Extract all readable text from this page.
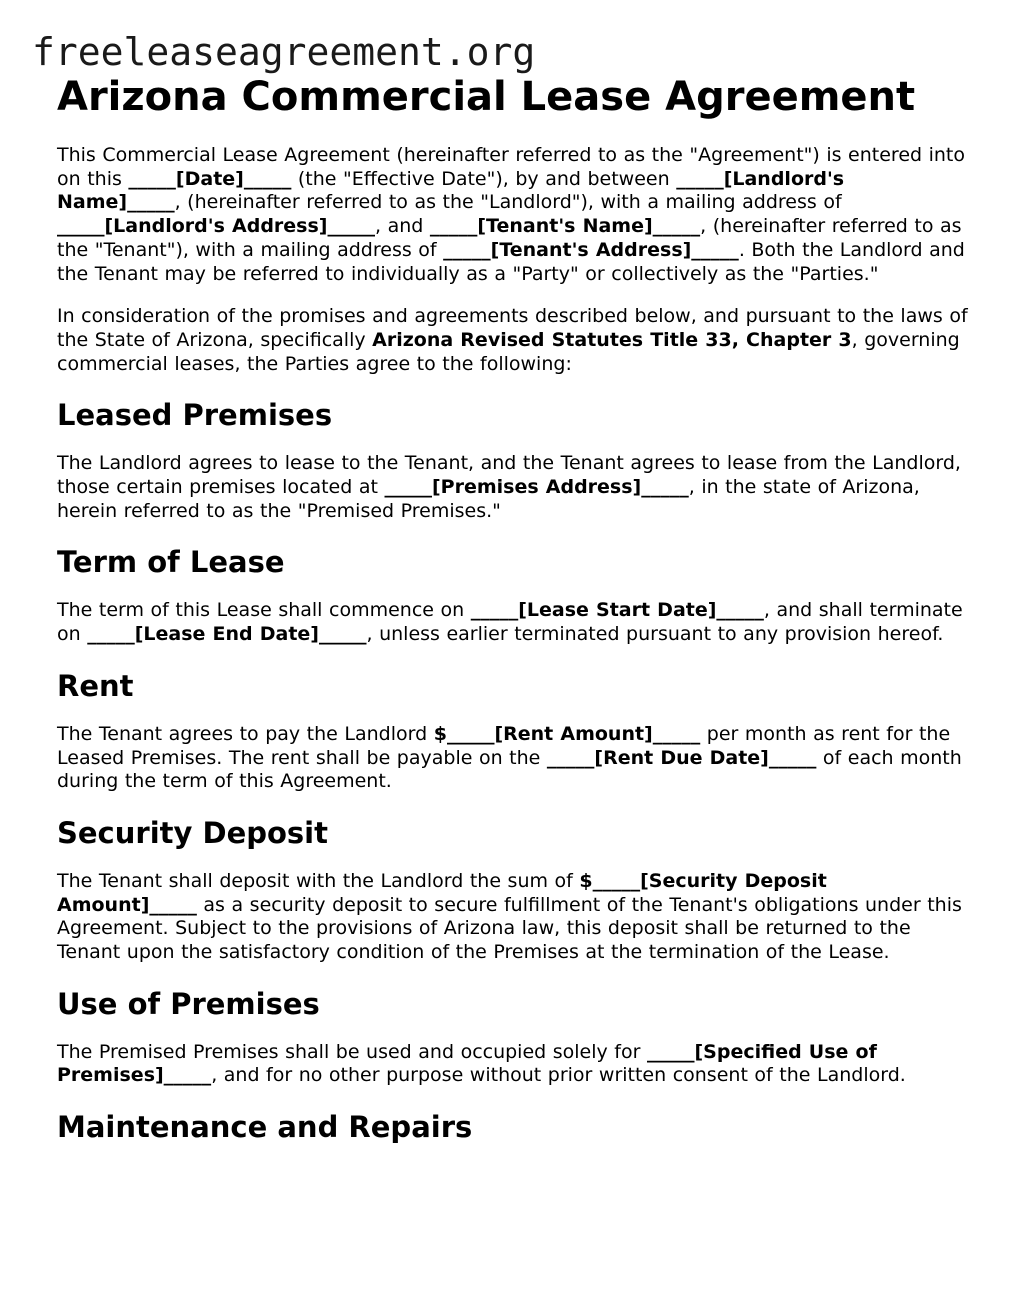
freeleaseagreement.org
Arizona Commercial Lease Agreement

This Commercial Lease Agreement (hereinafter referred to as the "Agreement") is entered into on this _____[Date]_____ (the "Effective Date"), by and between _____[Landlord's Name]_____, (hereinafter referred to as the "Landlord"), with a mailing address of _____[Landlord's Address]_____, and _____[Tenant's Name]_____, (hereinafter referred to as the "Tenant"), with a mailing address of _____[Tenant's Address]_____. Both the Landlord and the Tenant may be referred to individually as a "Party" or collectively as the "Parties."

In consideration of the promises and agreements described below, and pursuant to the laws of the State of Arizona, specifically Arizona Revised Statutes Title 33, Chapter 3, governing commercial leases, the Parties agree to the following:

Leased Premises

The Landlord agrees to lease to the Tenant, and the Tenant agrees to lease from the Landlord, those certain premises located at _____[Premises Address]_____, in the state of Arizona, herein referred to as the "Premised Premises."

Term of Lease

The term of this Lease shall commence on _____[Lease Start Date]_____, and shall terminate on _____[Lease End Date]_____, unless earlier terminated pursuant to any provision hereof.

Rent

The Tenant agrees to pay the Landlord $_____[Rent Amount]_____ per month as rent for the Leased Premises. The rent shall be payable on the _____[Rent Due Date]_____ of each month during the term of this Agreement.

Security Deposit

The Tenant shall deposit with the Landlord the sum of $_____[Security Deposit Amount]_____ as a security deposit to secure fulfillment of the Tenant's obligations under this Agreement. Subject to the provisions of Arizona law, this deposit shall be returned to the Tenant upon the satisfactory condition of the Premises at the termination of the Lease.

Use of Premises

The Premised Premises shall be used and occupied solely for _____[Specified Use of Premises]_____, and for no other purpose without prior written consent of the Landlord.

Maintenance and Repairs
